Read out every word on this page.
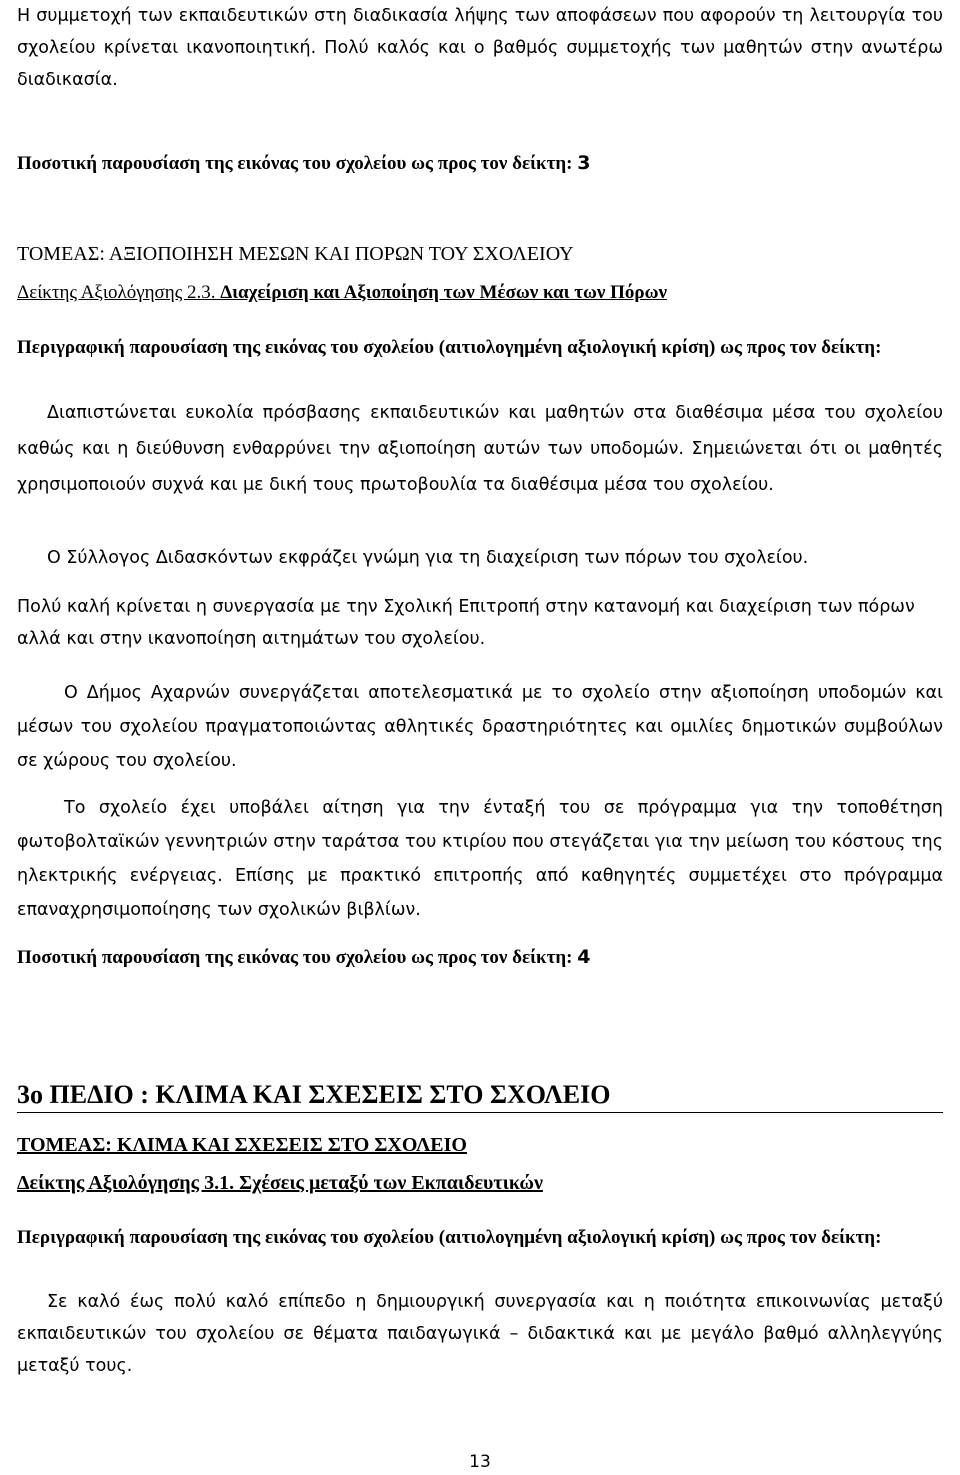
Η συμμετοχή των εκπαιδευτικών στη διαδικασία λήψης των αποφάσεων που αφορούν τη λειτουργία του σχολείου κρίνεται ικανοποιητική. Πολύ καλός και ο βαθμός συμμετοχής των μαθητών στην ανωτέρω διαδικασία.

Ποσοτική παρουσίαση της εικόνας του σχολείου ως προς τον δείκτη: 3
ΤΟΜΕΑΣ: ΑΞΙΟΠΟΙΗΣΗ ΜΕΣΩΝ ΚΑΙ ΠΟΡΩΝ ΤΟΥ ΣΧΟΛΕΙΟΥ
Δείκτης Αξιολόγησης 2.3. Διαχείριση και Αξιοποίηση των Μέσων και των Πόρων
Περιγραφική παρουσίαση της εικόνας του σχολείου (αιτιολογημένη αξιολογική κρίση) ως προς τον δείκτη:

Διαπιστώνεται ευκολία πρόσβασης εκπαιδευτικών και μαθητών στα διαθέσιμα μέσα του σχολείου καθώς και η διεύθυνση ενθαρρύνει την αξιοποίηση αυτών των υποδομών. Σημειώνεται ότι οι μαθητές χρησιμοποιούν συχνά και με δική τους πρωτοβουλία τα διαθέσιμα μέσα του σχολείου.

Ο Σύλλογος Διδασκόντων εκφράζει γνώμη για τη διαχείριση των πόρων του σχολείου.

Πολύ καλή κρίνεται η συνεργασία με την Σχολική Επιτροπή στην κατανομή και διαχείριση των πόρων αλλά και στην ικανοποίηση αιτημάτων του σχολείου.

Ο Δήμος Αχαρνών συνεργάζεται αποτελεσματικά με το σχολείο στην αξιοποίηση υποδομών και μέσων του σχολείου πραγματοποιώντας αθλητικές δραστηριότητες και ομιλίες δημοτικών συμβούλων σε χώρους του σχολείου.

Το σχολείο έχει υποβάλει αίτηση για την ένταξή του σε πρόγραμμα για την τοποθέτηση φωτοβολταϊκών γεννητριών στην ταράτσα του κτιρίου που στεγάζεται για την μείωση του κόστους της ηλεκτρικής ενέργειας. Επίσης με πρακτικό επιτροπής από καθηγητές συμμετέχει στο πρόγραμμα επαναχρησιμοποίησης των σχολικών βιβλίων.

Ποσοτική παρουσίαση της εικόνας του σχολείου ως προς τον δείκτη: 4
3ο ΠΕΔΙΟ : ΚΛΙΜΑ ΚΑΙ ΣΧΕΣΕΙΣ ΣΤΟ ΣΧΟΛΕΙΟ
ΤΟΜΕΑΣ: ΚΛΙΜΑ ΚΑΙ ΣΧΕΣΕΙΣ ΣΤΟ ΣΧΟΛΕΙΟ
Δείκτης Αξιολόγησης 3.1. Σχέσεις μεταξύ των Εκπαιδευτικών
Περιγραφική παρουσίαση της εικόνας του σχολείου (αιτιολογημένη αξιολογική κρίση) ως προς τον δείκτη:

Σε καλό έως πολύ καλό επίπεδο η δημιουργική συνεργασία και η ποιότητα επικοινωνίας μεταξύ εκπαιδευτικών του σχολείου σε θέματα παιδαγωγικά – διδακτικά και με μεγάλο βαθμό αλληλεγγύης μεταξύ τους.

13
